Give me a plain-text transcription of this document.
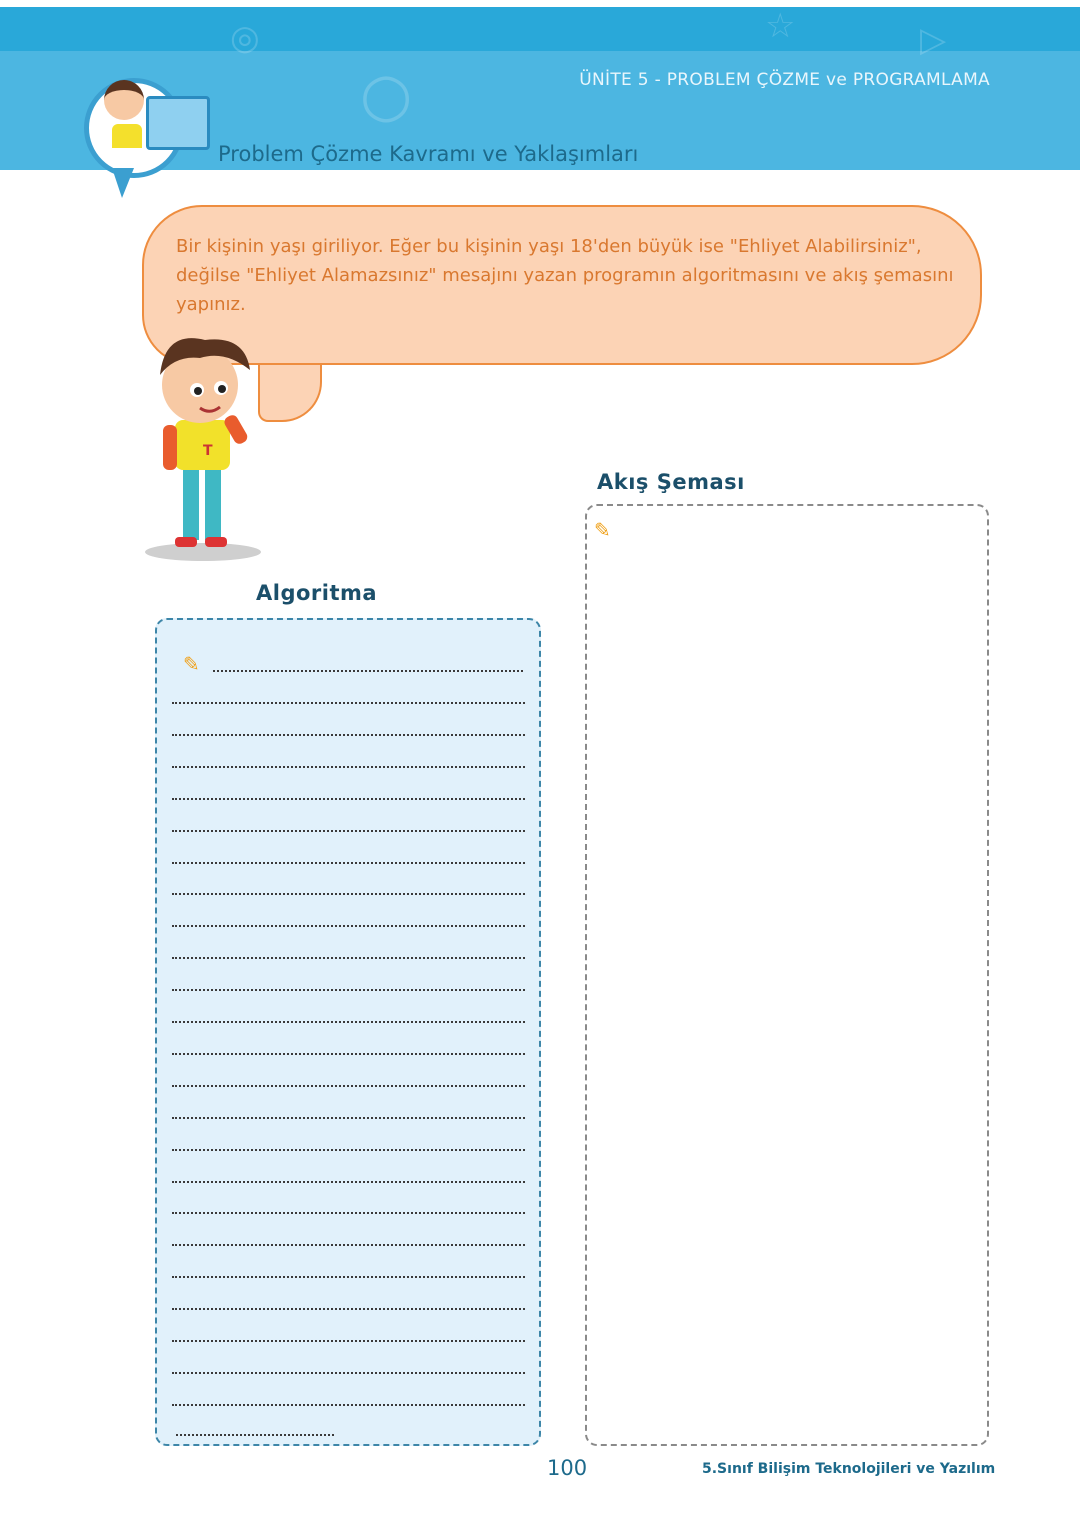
◎	☆	▷
○	ÜNİTE 5 - PROBLEM ÇÖZME ve PROGRAMLAMA
Problem Çözme Kavramı ve Yaklaşımları
Bir kişinin yaşı giriliyor. Eğer bu kişinin yaşı 18'den büyük ise "Ehliyet Alabilirsiniz", değilse "Ehliyet Alamazsınız" mesajını yazan programın algoritmasını ve akış şemasını yapınız.
T
Akış Şeması
✎
Algoritma
✎
100	5.Sınıf Bilişim Teknolojileri ve Yazılım
